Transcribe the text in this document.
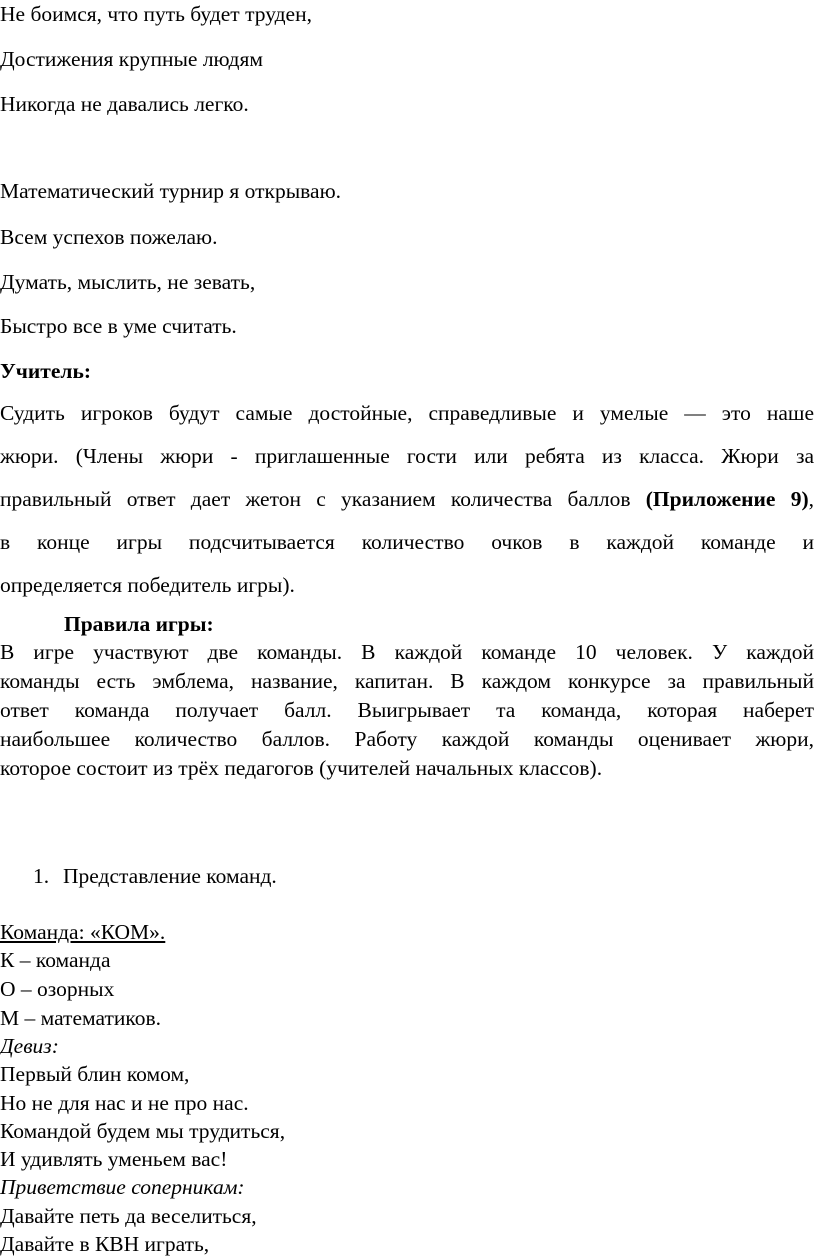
Не боимся, что путь будет труден,
Достижения крупные людям
Никогда не давались легко.
Математический турнир я открываю.
Всем успехов пожелаю.
Думать, мыслить, не зевать,
Быстро все в уме считать.
Учитель:
Судить игроков будут самые достойные, справедливые и умелые — это наше
жюри. (Члены жюри - приглашенные гости или ребята из класса. Жюри за
правильный ответ дает жетон с указанием количества баллов (Приложение 9),
в конце игры подсчитывается количество очков в каждой команде и
определяется победитель игры).
Правила игры:
В игре участвуют две команды. В каждой команде 10 человек. У каждой
команды есть эмблема, название, капитан. В каждом конкурсе за правильный
ответ команда получает балл. Выигрывает та команда, которая наберет
наибольшее количество баллов. Работу каждой команды оценивает жюри,
которое состоит из трёх педагогов (учителей начальных классов).
1. Представление команд.
Команда: «КОМ».
К – команда
О – озорных
М – математиков.
Девиз:
Первый блин комом,
Но не для нас и не про нас.
Командой будем мы трудиться,
И удивлять уменьем вас!
Приветствие соперникам:
Давайте петь да веселиться,
Давайте в КВН играть,
